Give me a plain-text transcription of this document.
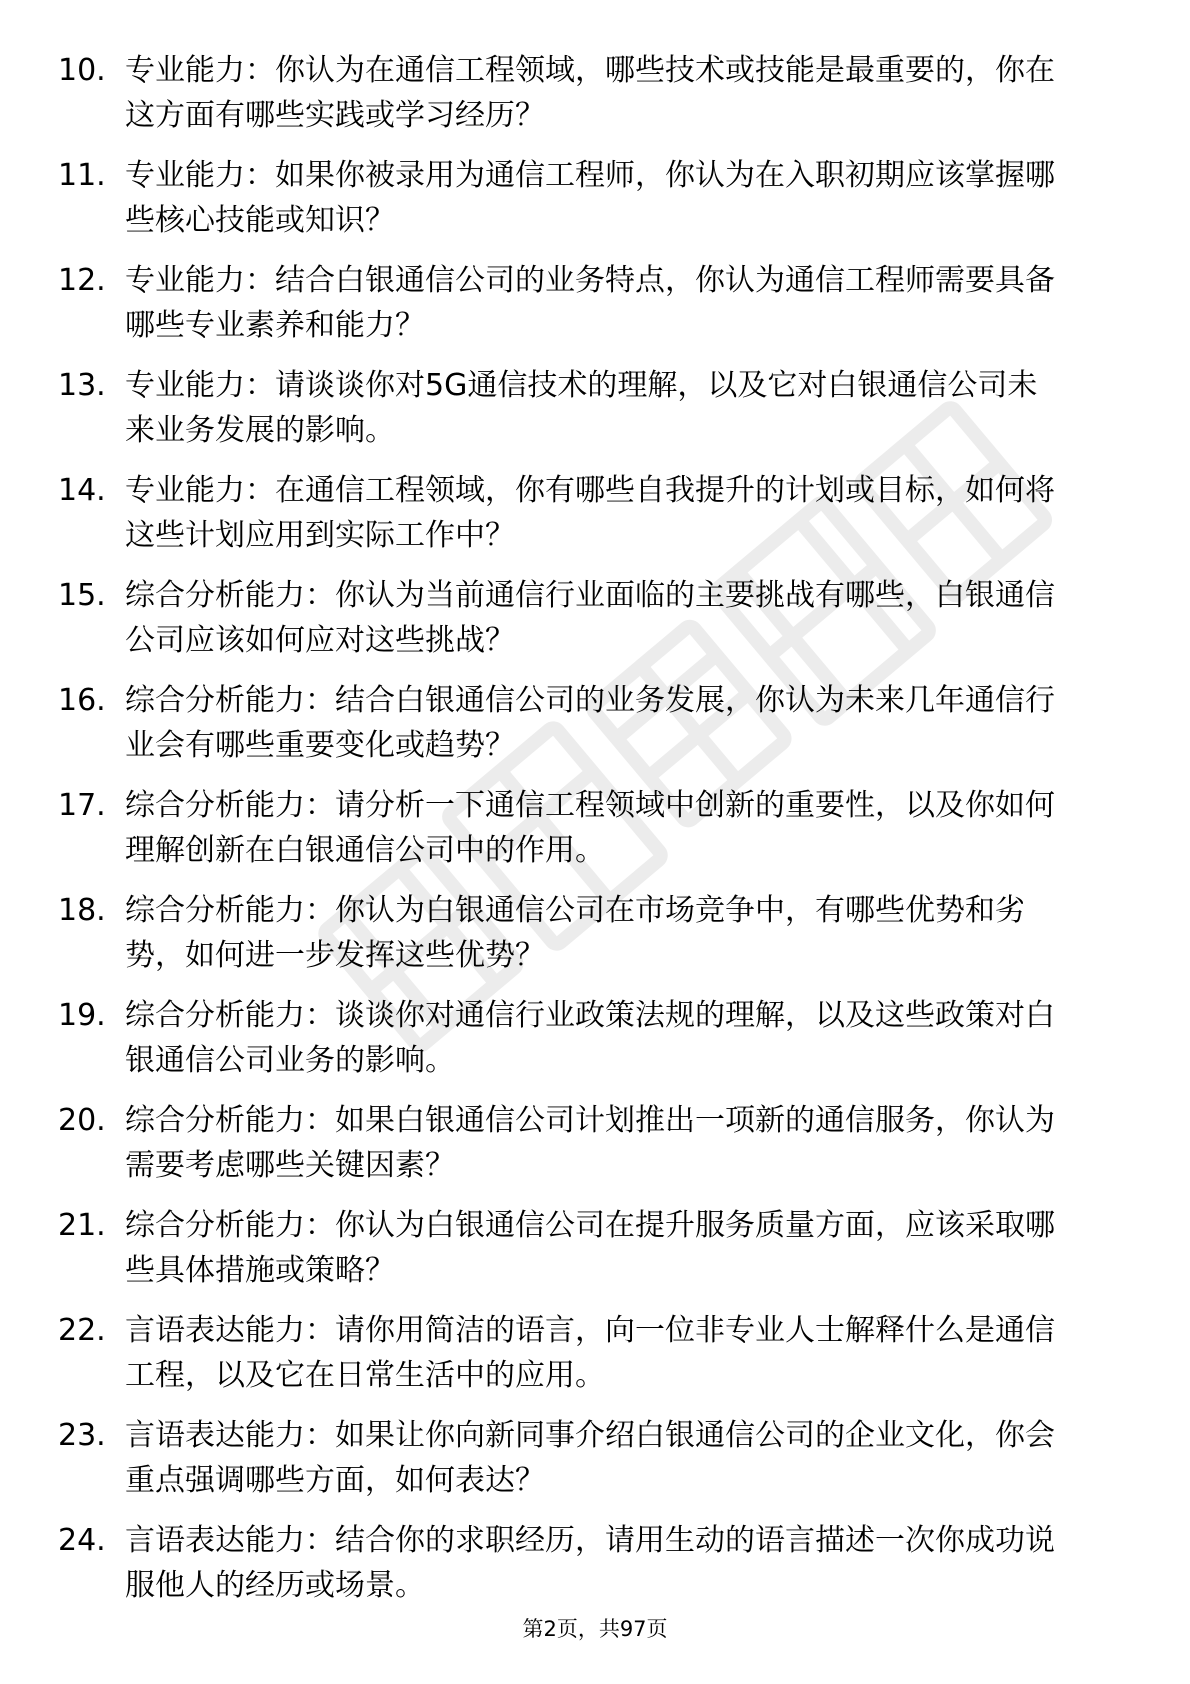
10. 专业能力：你认为在通信工程领域，哪些技术或技能是最重要的，你在这方面有哪些实践或学习经历？
11. 专业能力：如果你被录用为通信工程师，你认为在入职初期应该掌握哪些核心技能或知识？
12. 专业能力：结合白银通信公司的业务特点，你认为通信工程师需要具备哪些专业素养和能力？
13. 专业能力：请谈谈你对5G通信技术的理解，以及它对白银通信公司未来业务发展的影响。
14. 专业能力：在通信工程领域，你有哪些自我提升的计划或目标，如何将这些计划应用到实际工作中？
15. 综合分析能力：你认为当前通信行业面临的主要挑战有哪些，白银通信公司应该如何应对这些挑战？
16. 综合分析能力：结合白银通信公司的业务发展，你认为未来几年通信行业会有哪些重要变化或趋势？
17. 综合分析能力：请分析一下通信工程领域中创新的重要性，以及你如何理解创新在白银通信公司中的作用。
18. 综合分析能力：你认为白银通信公司在市场竞争中，有哪些优势和劣势，如何进一步发挥这些优势？
19. 综合分析能力：谈谈你对通信行业政策法规的理解，以及这些政策对白银通信公司业务的影响。
20. 综合分析能力：如果白银通信公司计划推出一项新的通信服务，你认为需要考虑哪些关键因素？
21. 综合分析能力：你认为白银通信公司在提升服务质量方面，应该采取哪些具体措施或策略？
22. 言语表达能力：请你用简洁的语言，向一位非专业人士解释什么是通信工程，以及它在日常生活中的应用。
23. 言语表达能力：如果让你向新同事介绍白银通信公司的企业文化，你会重点强调哪些方面，如何表达？
24. 言语表达能力：结合你的求职经历，请用生动的语言描述一次你成功说服他人的经历或场景。
第2页，共97页
